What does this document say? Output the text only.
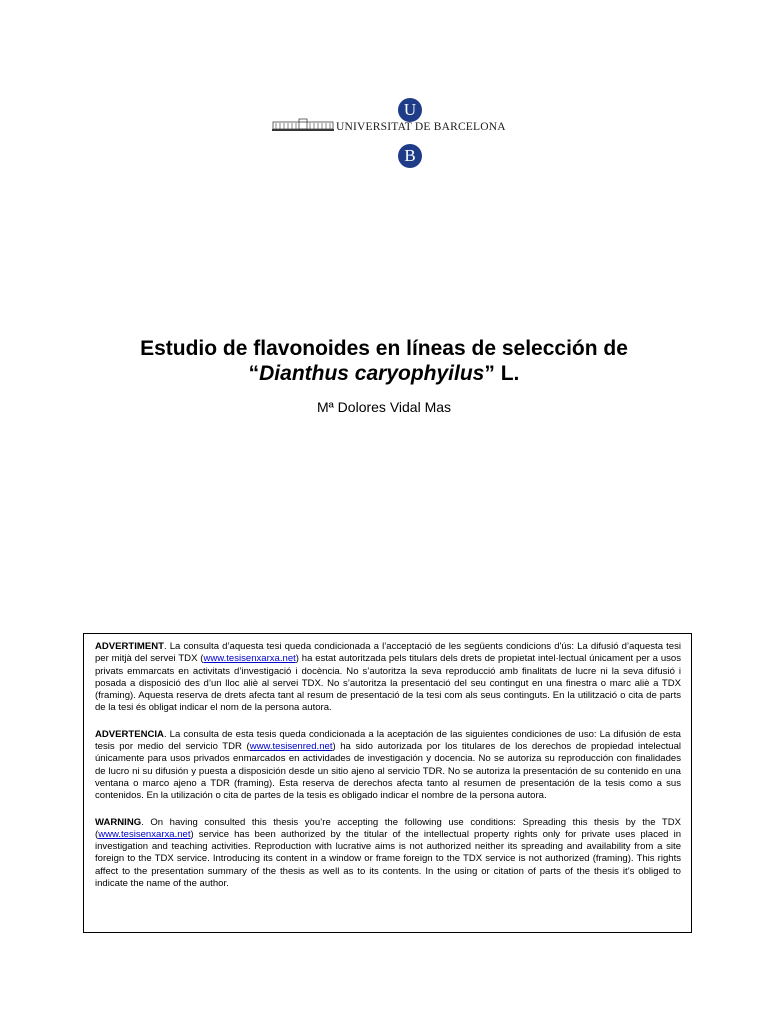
U
UNIVERSITAT DE BARCELONA
B
Estudio de flavonoides en líneas de selección de
“Dianthus caryophyilus” L.
Mª Dolores Vidal Mas

ADVERTIMENT. La consulta d’aquesta tesi queda condicionada a l’acceptació de les següents condicions d'ús: La difusió d’aquesta tesi per mitjà del servei TDX (www.tesisenxarxa.net) ha estat autoritzada pels titulars dels drets de propietat intel·lectual únicament per a usos privats emmarcats en activitats d’investigació i docència. No s’autoritza la seva reproducció amb finalitats de lucre ni la seva difusió i posada a disposició des d’un lloc aliè al servei TDX. No s’autoritza la presentació del seu contingut en una finestra o marc aliè a TDX (framing). Aquesta reserva de drets afecta tant al resum de presentació de la tesi com als seus continguts. En la utilització o cita de parts de la tesi és obligat indicar el nom de la persona autora.

ADVERTENCIA. La consulta de esta tesis queda condicionada a la aceptación de las siguientes condiciones de uso: La difusión de esta tesis por medio del servicio TDR (www.tesisenred.net) ha sido autorizada por los titulares de los derechos de propiedad intelectual únicamente para usos privados enmarcados en actividades de investigación y docencia. No se autoriza su reproducción con finalidades de lucro ni su difusión y puesta a disposición desde un sitio ajeno al servicio TDR. No se autoriza la presentación de su contenido en una ventana o marco ajeno a TDR (framing). Esta reserva de derechos afecta tanto al resumen de presentación de la tesis como a sus contenidos. En la utilización o cita de partes de la tesis es obligado indicar el nombre de la persona autora.

WARNING. On having consulted this thesis you’re accepting the following use conditions: Spreading this thesis by the TDX (www.tesisenxarxa.net) service has been authorized by the titular of the intellectual property rights only for private uses placed in investigation and teaching activities. Reproduction with lucrative aims is not authorized neither its spreading and availability from a site foreign to the TDX service. Introducing its content in a window or frame foreign to the TDX service is not authorized (framing). This rights affect to the presentation summary of the thesis as well as to its contents. In the using or citation of parts of the thesis it’s obliged to indicate the name of the author.
